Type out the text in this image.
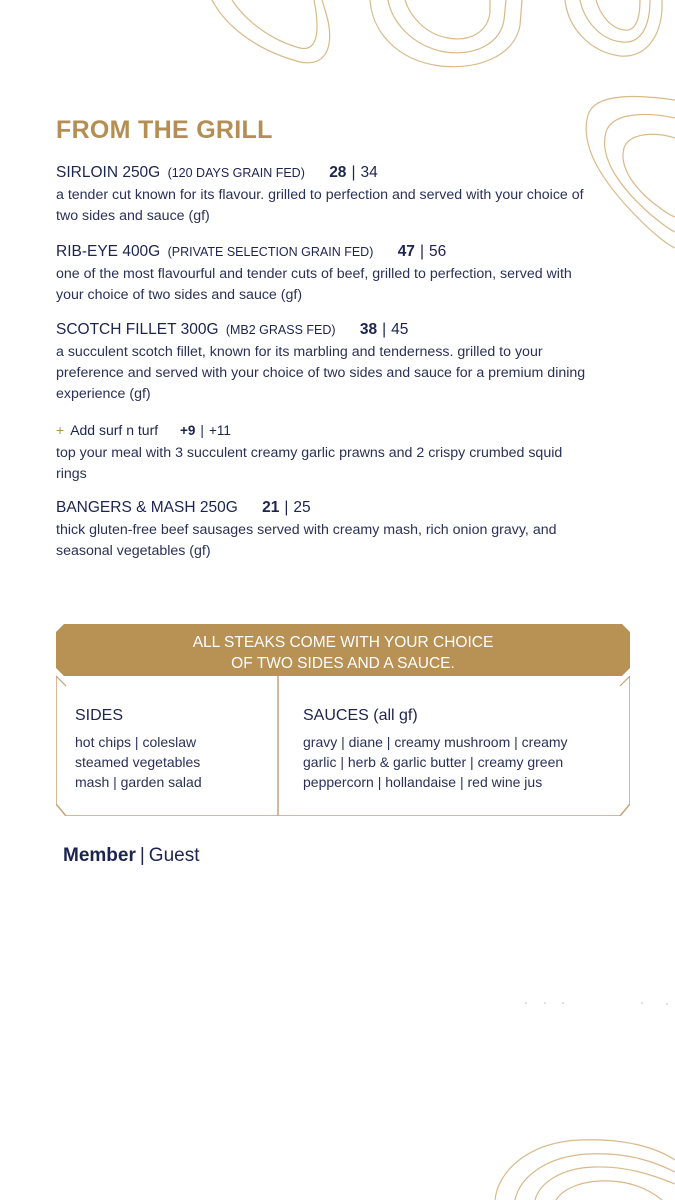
FROM THE GRILL
SIRLOIN 250G (120 DAYS GRAIN FED) 28 | 34
a tender cut known for its flavour. grilled to perfection and served with your choice of two sides and sauce (gf)
RIB-EYE 400G (PRIVATE SELECTION GRAIN FED) 47 | 56
one of the most flavourful and tender cuts of beef, grilled to perfection, served with your choice of two sides and sauce (gf)
SCOTCH FILLET 300G (MB2 GRASS FED) 38 | 45
a succulent scotch fillet, known for its marbling and tenderness. grilled to your preference and served with your choice of two sides and sauce for a premium dining experience (gf)
+ Add surf n turf +9 | +11
top your meal with 3 succulent creamy garlic prawns and 2 crispy crumbed squid rings
BANGERS & MASH 250G 21 | 25
thick gluten-free beef sausages served with creamy mash, rich onion gravy, and seasonal vegetables (gf)

ALL STEAKS COME WITH YOUR CHOICE
OF TWO SIDES AND A SAUCE.

SIDES
hot chips | coleslaw
steamed vegetables
mash | garden salad
SAUCES (all gf)
gravy | diane | creamy mushroom | creamy
garlic | herb & garlic butter | creamy green
peppercorn | hollandaise | red wine jus
Member | Guest
